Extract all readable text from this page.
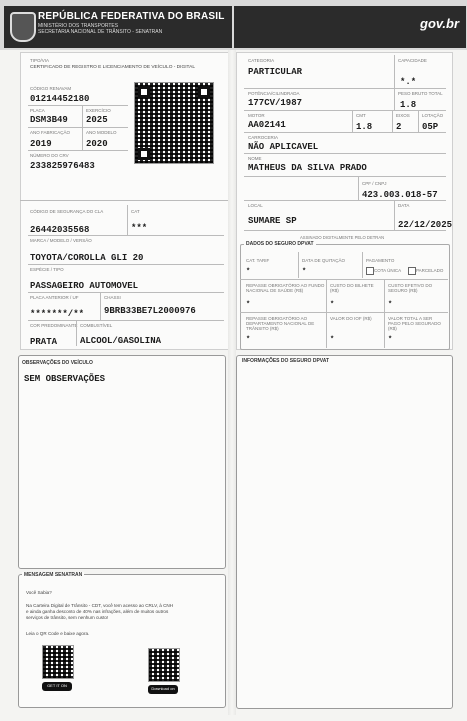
REPÚBLICA FEDERATIVA DO BRASIL
MINISTÉRIO DOS TRANSPORTES
SECRETARIA NACIONAL DE TRÂNSITO - SENATRAN
gov.br
TIPO/VIA
CERTIFICADO DE REGISTRO E LICENCIAMENTO DE VEÍCULO - DIGITAL
CÓDIGO RENAVAM
01214452180
PLACA
DSM3B49
EXERCÍCIO
2025
ANO FABRICAÇÃO
2019
ANO MODELO
2020
NÚMERO DO CRV
233825976483
CÓDIGO DE SEGURANÇA DO CLA
26442035568
CAT
***
MARCA / MODELO / VERSÃO
TOYOTA/COROLLA GLI 20
ESPÉCIE / TIPO
PASSAGEIRO AUTOMOVEL
PLACA ANTERIOR / UF
*******/**
CHASSI
9BRB33BE7L2000976
COR PREDOMINANTE
PRATA
COMBUSTÍVEL
ALCOOL/GASOLINA
CATEGORIA
PARTICULAR
CAPACIDADE
*.*
POTÊNCIA/CILINDRADA
177CV/1987
PESO BRUTO TOTAL
1.8
MOTOR
AA02141
CMT
1.8
EIXOS
2
LOTAÇÃO
05P
CARROCERIA
NÃO APLICAVEL
NOME
MATHEUS DA SILVA PRADO
CPF / CNPJ
423.003.018-57
LOCAL
SUMARE SP
DATA
22/12/2025
ASSINADO DIGITALMENTE PELO DETRAN
DADOS DO SEGURO DPVAT
CAT. TARIF
*
DATA DE QUITAÇÃO
*
PAGAMENTO
COTA ÚNICA	PARCELADO
REPASSE OBRIGATÓRIO AO FUNDO NACIONAL DE SAÚDE (R$)
*
CUSTO DO BILHETE (R$)
*
CUSTO EFETIVO DO SEGURO (R$)
*
REPASSE OBRIGATÓRIO AO DEPARTAMENTO NACIONAL DE TRÂNSITO (R$)
*
VALOR DO IOF (R$)
*
VALOR TOTAL A SER PAGO PELO SEGURADO (R$)
*
OBSERVAÇÕES DO VEÍCULO
SEM OBSERVAÇÕES
MENSAGEM SENATRAN
Você Sabia?
Na Carteira Digital de Trânsito - CDT, você tem acesso ao CRLV, à CNH e ainda ganha desconto de 40% nas infrações, além de muitos outros serviços de trânsito, sem nenhum custo!
Leia o QR Code e baixe agora.
GET IT ON Google Play
Download on the App Store
INFORMAÇÕES DO SEGURO DPVAT
